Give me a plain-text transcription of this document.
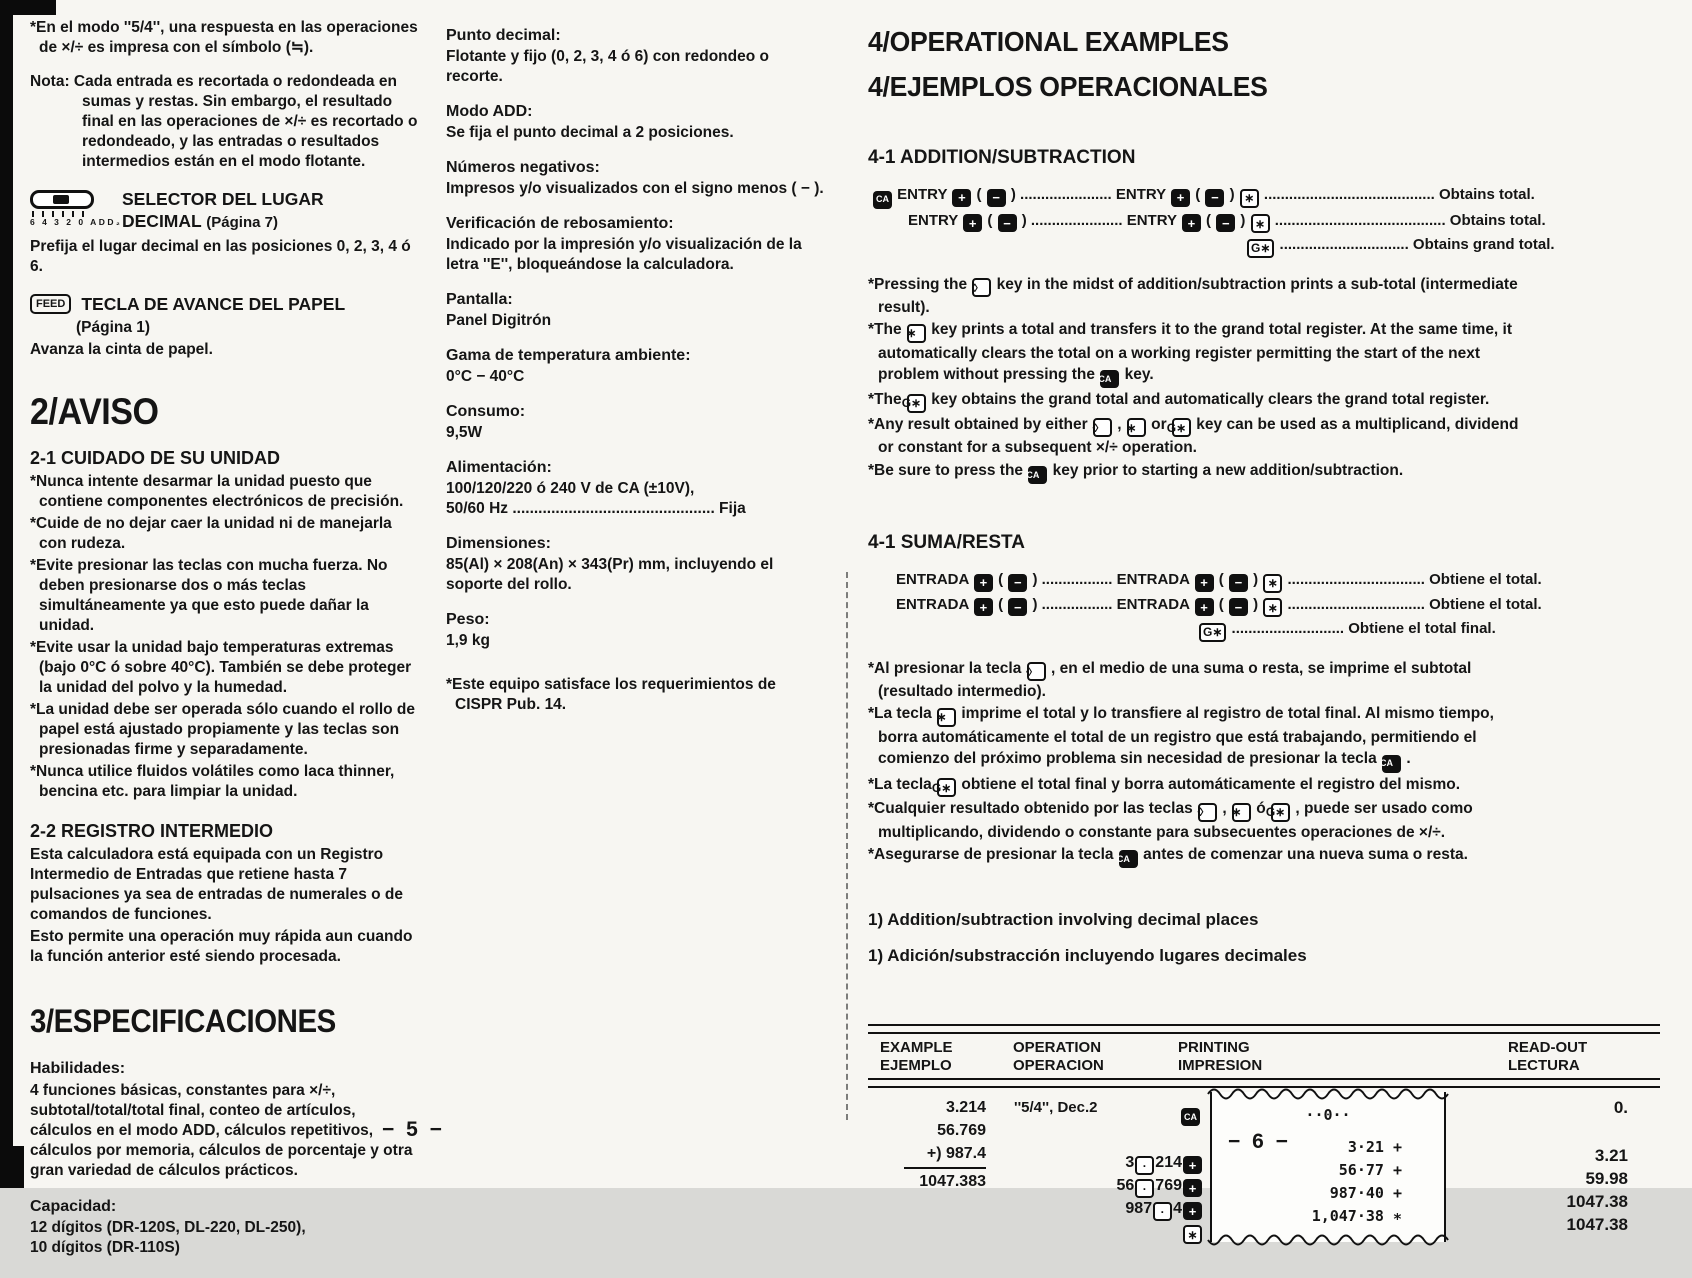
*En el modo ''5/4'', una respuesta en las operaciones de ×/÷ es impresa con el símbolo (≒).

Nota: Cada entrada es recortada o redondeada en sumas y restas. Sin embargo, el resultado final en las operaciones de ×/÷ es recortado o redondeado, y las entradas o resultados intermedios están en el modo flotante.

6 4 3 2 0 ADD₂
SELECTOR DEL LUGAR
DECIMAL (Página 7)

Prefija el lugar decimal en las posiciones 0, 2, 3, 4 ó 6.

FEED TECLA DE AVANCE DEL PAPEL
(Página 1)

Avanza la cinta de papel.

2/AVISO
2-1 CUIDADO DE SU UNIDAD

*Nunca intente desarmar la unidad puesto que contiene componentes electrónicos de precisión.

*Cuide de no dejar caer la unidad ni de manejarla con rudeza.

*Evite presionar las teclas con mucha fuerza. No deben presionarse dos o más teclas simultáneamente ya que esto puede dañar la unidad.

*Evite usar la unidad bajo temperaturas extremas (bajo 0°C ó sobre 40°C). También se debe proteger la unidad del polvo y la humedad.

*La unidad debe ser operada sólo cuando el rollo de papel está ajustado propiamente y las teclas son presionadas firme y separadamente.

*Nunca utilice fluidos volátiles como laca thinner, bencina etc. para limpiar la unidad.

2-2 REGISTRO INTERMEDIO

Esta calculadora está equipada con un Registro Intermedio de Entradas que retiene hasta 7 pulsaciones ya sea de entradas de numerales o de comandos de funciones.

Esto permite una operación muy rápida aun cuando la función anterior esté siendo procesada.

3/ESPECIFICACIONES
Habilidades:

4 funciones básicas, constantes para ×/÷, subtotal/total/total final, conteo de artículos, cálculos en el modo ADD, cálculos repetitivos, cálculos por memoria, cálculos de porcentaje y otra gran variedad de cálculos prácticos.

Capacidad:
12 dígitos (DR-120S, DL-220, DL-250),
10 dígitos (DR-110S)
Punto decimal:
Flotante y fijo (0, 2, 3, 4 ó 6) con redondeo o recorte.
Modo ADD:
Se fija el punto decimal a 2 posiciones.
Números negativos:
Impresos y/o visualizados con el signo menos ( − ).
Verificación de rebosamiento:
Indicado por la impresión y/o visualización de la letra ''E'', bloqueándose la calculadora.
Pantalla:
Panel Digitrón
Gama de temperatura ambiente:
0°C − 40°C
Consumo:
9,5W
Alimentación:
100/120/220 ó 240 V de CA (±10V),
50/60 Hz ............................................... Fija
Dimensiones:
85(Al) × 208(An) × 343(Pr) mm, incluyendo el soporte del rollo.
Peso:
1,9 kg

*Este equipo satisface los requerimientos de CISPR Pub. 14.

4/OPERATIONAL EXAMPLES
4/EJEMPLOS OPERACIONALES
4-1 ADDITION/SUBTRACTION
CA ENTRY + ( − ) ...................... ENTRY + ( − ) ∗ ......................................... Obtains total.
ENTRY + ( − ) ...................... ENTRY + ( − ) ∗ ......................................... Obtains total.
G∗ ............................... Obtains grand total.

*Pressing the ◊ key in the midst of addition/subtraction prints a sub-total (intermediate result).

*The ∗ key prints a total and transfers it to the grand total register. At the same time, it automatically clears the total on a working register permitting the start of the next problem without pressing the CA key.

*The G∗ key obtains the grand total and automatically clears the grand total register.

*Any result obtained by either ◊ , ∗ or G∗ key can be used as a multiplicand, dividend or constant for a subsequent ×/÷ operation.

*Be sure to press the CA key prior to starting a new addition/subtraction.

4-1 SUMA/RESTA
ENTRADA + ( − ) ................. ENTRADA + ( − ) ∗ ................................. Obtiene el total.
ENTRADA + ( − ) ................. ENTRADA + ( − ) ∗ ................................. Obtiene el total.
G∗ ........................... Obtiene el total final.

*Al presionar la tecla ◊ , en el medio de una suma o resta, se imprime el subtotal (resultado intermedio).

*La tecla ∗ imprime el total y lo transfiere al registro de total final. Al mismo tiempo, borra automáticamente el total de un registro que está trabajando, permitiendo el comienzo del próximo problema sin necesidad de presionar la tecla CA .

*La tecla G∗ obtiene el total final y borra automáticamente el registro del mismo.

*Cualquier resultado obtenido por las teclas ◊ , ∗ ó G∗ , puede ser usado como multiplicando, dividendo o constante para subsecuentes operaciones de ×/÷.

*Asegurarse de presionar la tecla CA antes de comenzar una nueva suma o resta.

1) Addition/subtraction involving decimal places
1) Adición/substracción incluyendo lugares decimales
EXAMPLE
EJEMPLO
OPERATION
OPERACION
PRINTING
IMPRESION
READ-OUT
LECTURA
3.214
56.769
+) 987.4
1047.383
''5/4'', Dec.2
3 · 214 +
56 · 769 +
987 · 4 +
∗
CA	··0··
3·21 +
56·77 +
987·40 +
1,047·38 ∗
0.
3.21
59.98
1047.38
1047.38
− 5 −
− 6 −
